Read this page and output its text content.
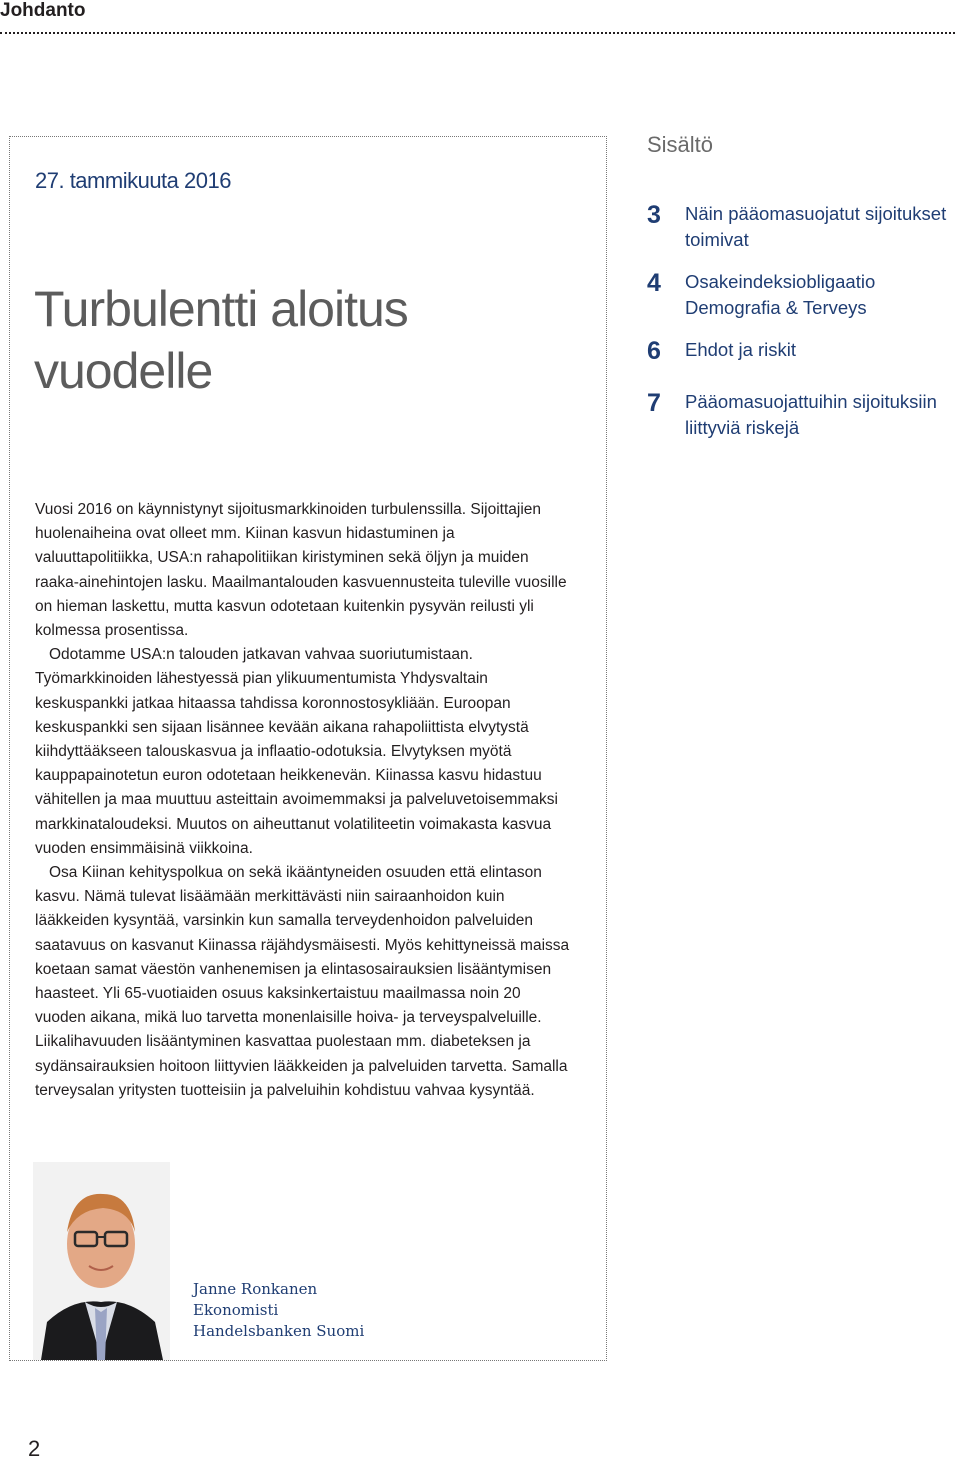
Johdanto
27. tammikuuta 2016
Turbulentti aloitus
vuodelle
Sisältö
3 Näin pääomasuojatut sijoitukset
toimivat
4 Osakeindeksiobligaatio
Demografia & Terveys
6 Ehdot ja riskit
7 Pääomasuojattuihin sijoituksiin
liittyviä riskejä

Vuosi 2016 on käynnistynyt sijoitusmarkkinoiden turbulenssilla. Sijoittajien huolenaiheina ovat olleet mm. Kiinan kasvun hidastuminen ja valuuttapolitiikka, USA:n rahapolitiikan kiristyminen sekä öljyn ja muiden raaka-ainehintojen lasku. Maailmantalouden kasvuennusteita tuleville vuosille on hieman laskettu, mutta kasvun odotetaan kuitenkin pysyvän reilusti yli kolmessa prosentissa.

Odotamme USA:n talouden jatkavan vahvaa suoriutumistaan. Työmarkkinoiden lähestyessä pian ylikuumentumista Yhdysvaltain keskuspankki jatkaa hitaassa tahdissa koronnostosykliään. Euroopan keskuspankki sen sijaan lisännee kevään aikana rahapoliittista elvytystä kiihdyttääkseen talouskasvua ja inflaatio-odotuksia. Elvytyksen myötä kauppapainotetun euron odotetaan heikkenevän. Kiinassa kasvu hidastuu vähitellen ja maa muuttuu asteittain avoimemmaksi ja palveluvetoisemmaksi markkinataloudeksi. Muutos on aiheuttanut volatiliteetin voimakasta kasvua vuoden ensimmäisinä viikkoina.

Osa Kiinan kehityspolkua on sekä ikääntyneiden osuuden että elintason kasvu. Nämä tulevat lisäämään merkittävästi niin sairaanhoidon kuin lääkkeiden kysyntää, varsinkin kun samalla terveydenhoidon palveluiden saatavuus on kasvanut Kiinassa räjähdysmäisesti. Myös kehittyneissä maissa koetaan samat väestön vanhenemisen ja elintasosairauksien lisääntymisen haasteet. Yli 65-vuotiaiden osuus kaksinkertaistuu maailmassa noin 20 vuoden aikana, mikä luo tarvetta monenlaisille hoiva- ja terveyspalveluille. Liikalihavuuden lisääntyminen kasvattaa puolestaan mm. diabeteksen ja sydänsairauksien hoitoon liittyvien lääkkeiden ja palveluiden tarvetta. Samalla terveysalan yritysten tuotteisiin ja palveluihin kohdistuu vahvaa kysyntää.

Janne Ronkanen
Ekonomisti
Handelsbanken Suomi
2
